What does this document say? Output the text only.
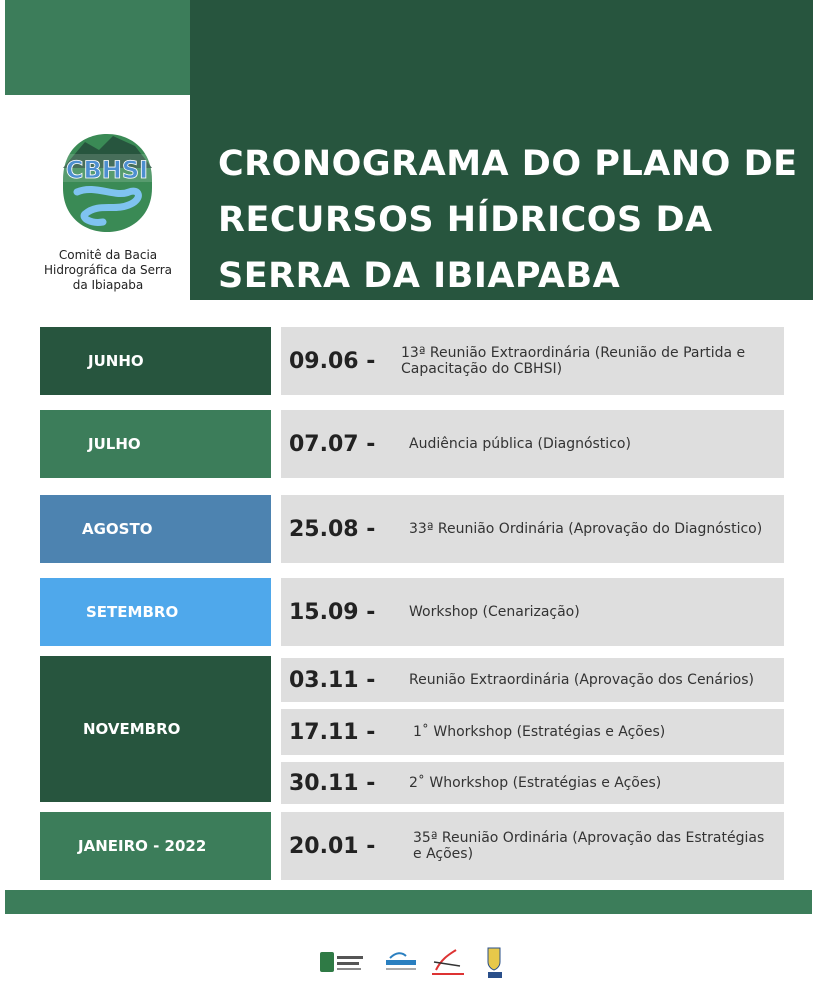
CBHSI
Comitê da Bacia Hidrográfica da Serra da Ibiapaba
CRONOGRAMA DO PLANO DE RECURSOS HÍDRICOS DA SERRA DA IBIAPABA
JUNHO	09.06 - 13ª Reunião Extraordinária (Reunião de Partida e Capacitação do CBHSI)
JULHO	07.07 - Audiência pública (Diagnóstico)
AGOSTO	25.08 - 33ª Reunião Ordinária (Aprovação do Diagnóstico)
SETEMBRO	15.09 - Workshop (Cenarização)
NOVEMBRO
03.11 - Reunião Extraordinária (Aprovação dos Cenários)
17.11 -	1˚ Whorkshop (Estratégias e Ações)
30.11 - 2˚ Whorkshop (Estratégias e Ações)
JANEIRO - 2022	20.01 -	35ª Reunião Ordinária (Aprovação das Estratégias e Ações)
